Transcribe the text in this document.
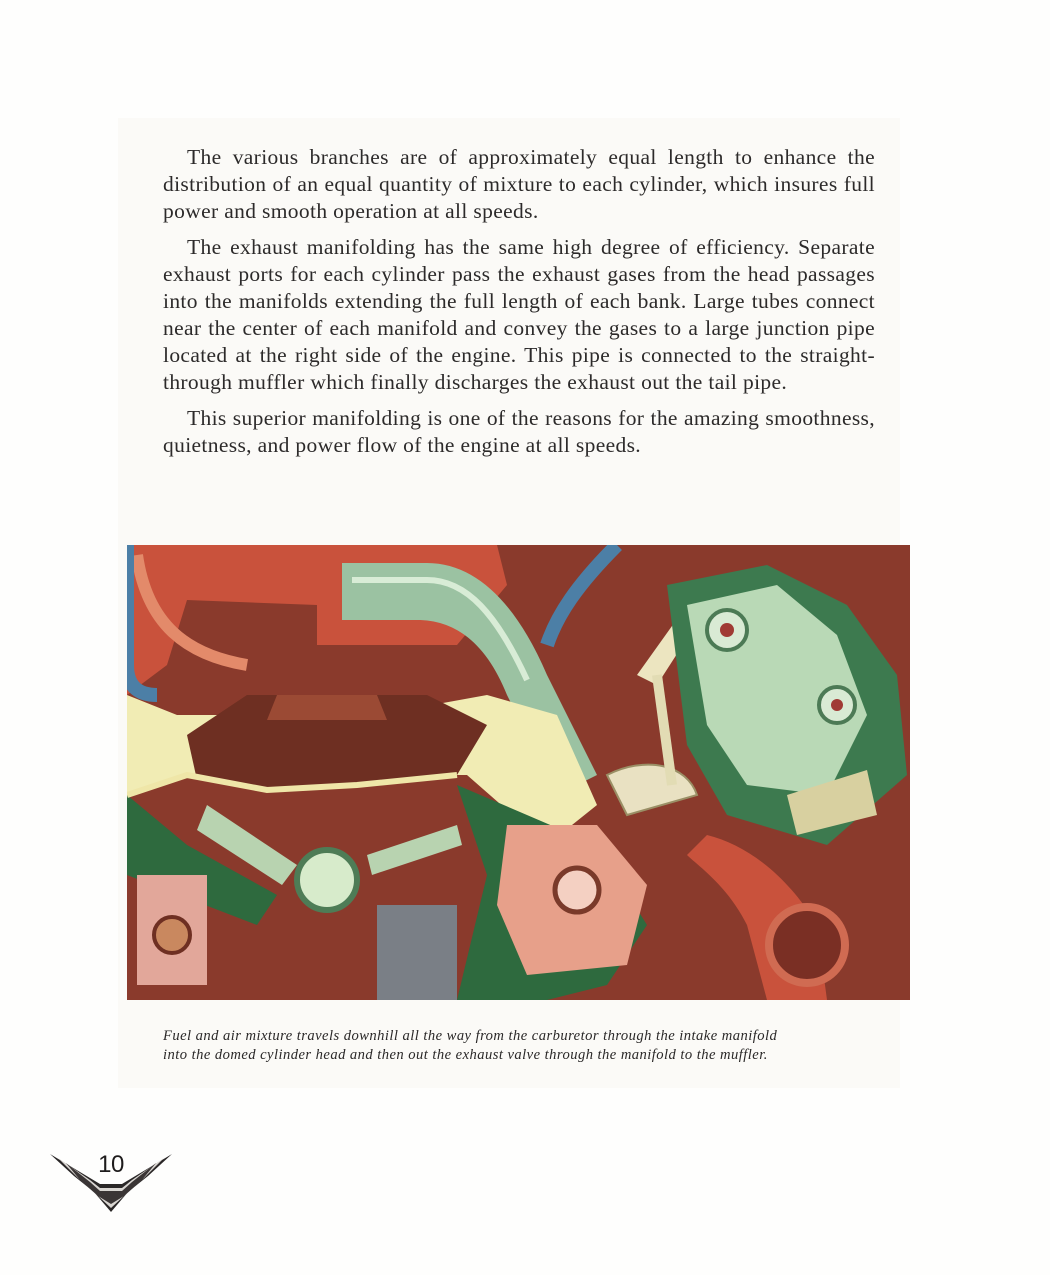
The various branches are of approximately equal length to enhance the distribution of an equal quantity of mixture to each cylinder, which insures full power and smooth operation at all speeds.

The exhaust manifolding has the same high degree of efficiency. Separate exhaust ports for each cylinder pass the exhaust gases from the head passages into the manifolds extending the full length of each bank. Large tubes connect near the center of each manifold and convey the gases to a large junction pipe located at the right side of the engine. This pipe is connected to the straight-through muffler which finally discharges the exhaust out the tail pipe.

This superior manifolding is one of the reasons for the amazing smoothness, quietness, and power flow of the engine at all speeds.

Fuel and air mixture travels downhill all the way from the carburetor through the intake manifold
into the domed cylinder head and then out the exhaust valve through the manifold to the muffler.
10
